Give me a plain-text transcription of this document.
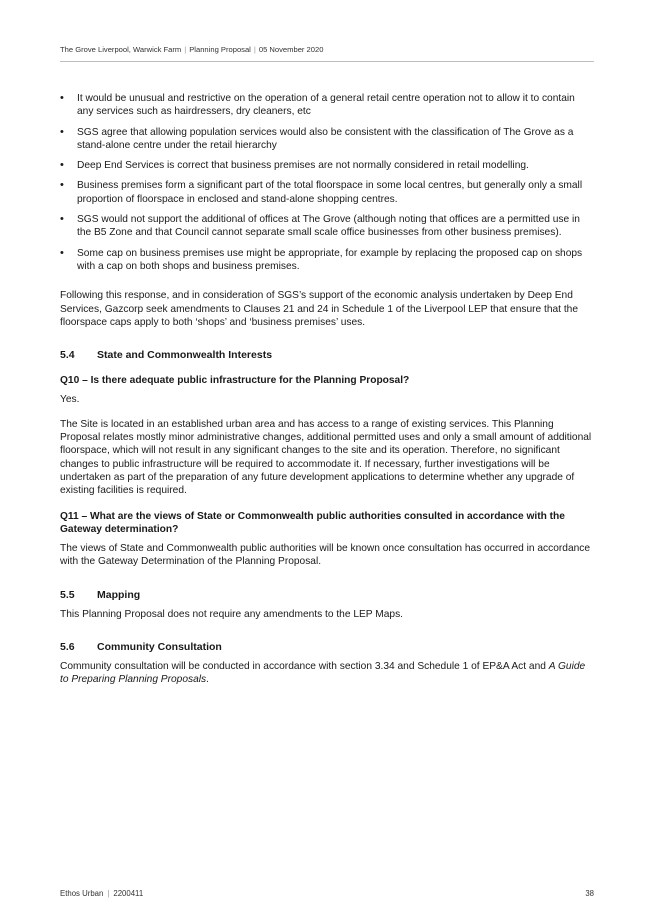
The Grove Liverpool, Warwick Farm | Planning Proposal | 05 November 2020
• It would be unusual and restrictive on the operation of a general retail centre operation not to allow it to contain any services such as hairdressers, dry cleaners, etc
• SGS agree that allowing population services would also be consistent with the classification of The Grove as a stand-alone centre under the retail hierarchy
• Deep End Services is correct that business premises are not normally considered in retail modelling.
• Business premises form a significant part of the total floorspace in some local centres, but generally only a small proportion of floorspace in enclosed and stand-alone shopping centres.
• SGS would not support the additional of offices at The Grove (although noting that offices are a permitted use in the B5 Zone and that Council cannot separate small scale office businesses from other business premises).
• Some cap on business premises use might be appropriate, for example by replacing the proposed cap on shops with a cap on both shops and business premises.

Following this response, and in consideration of SGS’s support of the economic analysis undertaken by Deep End Services, Gazcorp seek amendments to Clauses 21 and 24 in Schedule 1 of the Liverpool LEP that ensure that the floorspace caps apply to both ‘shops’ and ‘business premises’ uses.

5.4 State and Commonwealth Interests
Q10 – Is there adequate public infrastructure for the Planning Proposal?

Yes.

The Site is located in an established urban area and has access to a range of existing services. This Planning Proposal relates mostly minor administrative changes, additional permitted uses and only a small amount of additional floorspace, which will not result in any significant changes to the site and its operation. Therefore, no significant changes to public infrastructure will be required to accommodate it. If necessary, further investigations will be undertaken as part of the preparation of any future development applications to determine whether any upgrade of existing facilities is required.

Q11 – What are the views of State or Commonwealth public authorities consulted in accordance with the Gateway determination?

The views of State and Commonwealth public authorities will be known once consultation has occurred in accordance with the Gateway Determination of the Planning Proposal.

5.5 Mapping

This Planning Proposal does not require any amendments to the LEP Maps.

5.6 Community Consultation

Community consultation will be conducted in accordance with section 3.34 and Schedule 1 of EP&A Act and A Guide to Preparing Planning Proposals.

Ethos Urban | 2200411	38
